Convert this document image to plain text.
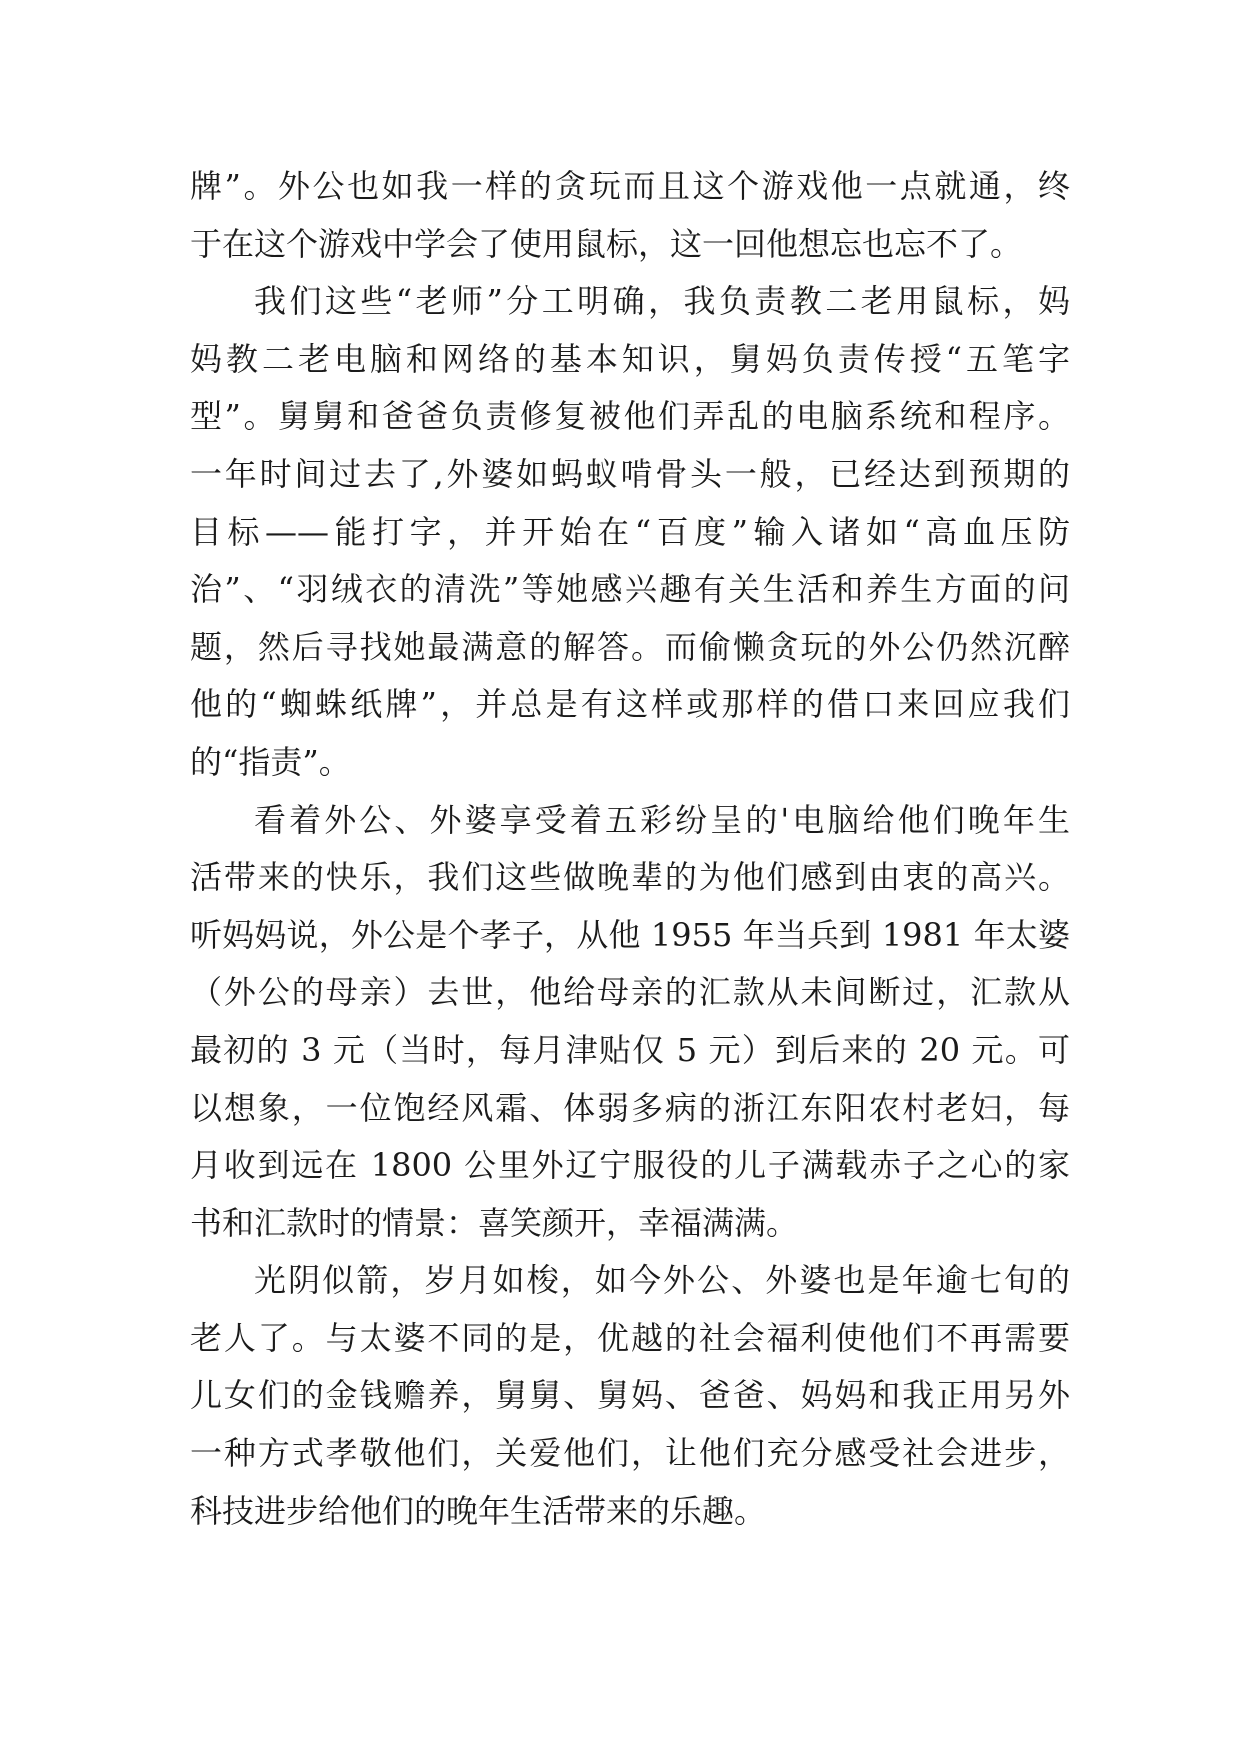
牌”。外公也如我一样的贪玩而且这个游戏他一点就通，终
于在这个游戏中学会了使用鼠标，这一回他想忘也忘不了。
我们这些“老师”分工明确，我负责教二老用鼠标，妈
妈教二老电脑和网络的基本知识，舅妈负责传授“五笔字
型”。舅舅和爸爸负责修复被他们弄乱的电脑系统和程序。
一年时间过去了,外婆如蚂蚁啃骨头一般，已经达到预期的
目标——能打字，并开始在“百度”输入诸如“高血压防
治”、“羽绒衣的清洗”等她感兴趣有关生活和养生方面的问
题，然后寻找她最满意的解答。而偷懒贪玩的外公仍然沉醉
他的“蜘蛛纸牌”，并总是有这样或那样的借口来回应我们
的“指责”。
看着外公、外婆享受着五彩纷呈的'电脑给他们晚年生
活带来的快乐，我们这些做晚辈的为他们感到由衷的高兴。
听妈妈说，外公是个孝子，从他 1955 年当兵到 1981 年太婆
（外公的母亲）去世，他给母亲的汇款从未间断过，汇款从
最初的 3 元（当时，每月津贴仅 5 元）到后来的 20 元。可
以想象，一位饱经风霜、体弱多病的浙江东阳农村老妇，每
月收到远在 1800 公里外辽宁服役的儿子满载赤子之心的家
书和汇款时的情景：喜笑颜开，幸福满满。
光阴似箭，岁月如梭，如今外公、外婆也是年逾七旬的
老人了。与太婆不同的是，优越的社会福利使他们不再需要
儿女们的金钱赡养，舅舅、舅妈、爸爸、妈妈和我正用另外
一种方式孝敬他们，关爱他们，让他们充分感受社会进步，
科技进步给他们的晚年生活带来的乐趣。
